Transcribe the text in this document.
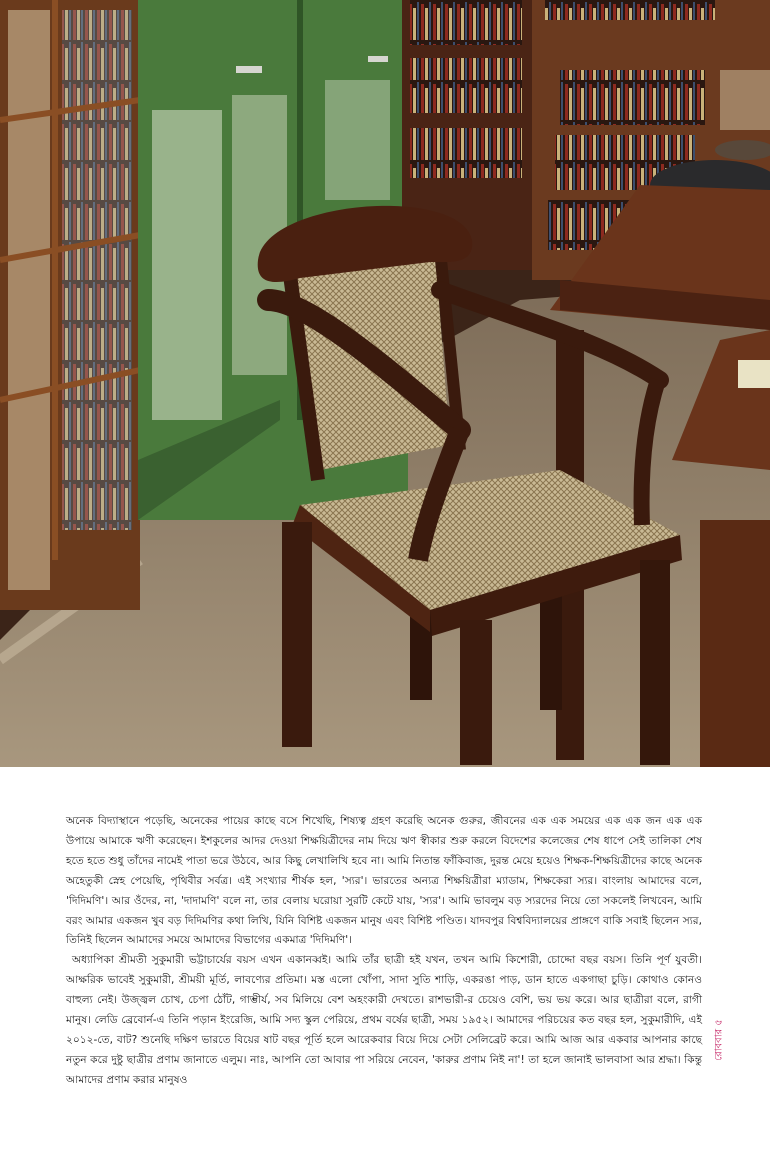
অনেক বিদ্যাস্থানে পড়েছি, অনেকের পায়ের কাছে বসে শিখেছি, শিষ্যত্ব গ্রহণ করেছি অনেক গুরুর, জীবনের এক এক সময়ের এক এক জন এক এক উপায়ে আমাকে ঋণী করেছেন। ইশকুলের আদর দেওয়া শিক্ষয়িত্রীদের নাম দিয়ে ঋণ স্বীকার শুরু করলে বিদেশের কলেজের শেষ ধাপে সেই তালিকা শেষ হতে হতে শুধু তাঁদের নামেই পাতা ভরে উঠবে, আর কিছু লেখালিখি হবে না। আমি নিতান্ত ফাঁকিবাজ, দুরন্ত মেয়ে হয়েও শিক্ষক-শিক্ষয়িত্রীদের কাছে অনেক অহেতুকী স্নেহ পেয়েছি, পৃথিবীর সর্বত্র। এই সংখ্যার শীর্ষক হল, 'স্যর'। ভারতের অন্যত্র শিক্ষয়িত্রীরা ম্যাডাম, শিক্ষকেরা স্যর। বাংলায় আমাদের বলে, 'দিদিমণি'। আর ওঁদের, না, 'দাদামণি' বলে না, তার বেলায় ঘরোয়া সুরটি কেটে যায়, 'স্যর'। আমি ভাবলুম বড় স্যরদের নিয়ে তো সকলেই লিখবেন, আমি বরং আমার একজন খুব বড় দিদিমণির কথা লিখি, যিনি বিশিষ্ট একজন মানুষ এবং বিশিষ্ট পণ্ডিত। যাদবপুর বিশ্ববিদ্যালয়ের প্রাঙ্গণে বাকি সবাই ছিলেন স্যর, তিনিই ছিলেন আমাদের সময়ে আমাদের বিভাগের একমাত্র 'দিদিমণি'।

অধ্যাপিকা শ্রীমতী সুকুমারী ভট্টাচার্যের বয়স এখন একানব্বই। আমি তাঁর ছাত্রী হই যখন, তখন আমি কিশোরী, চোদ্দো বছর বয়স। তিনি পূর্ণ যুবতী। আক্ষরিক ভাবেই সুকুমারী, শ্রীময়ী মূর্তি, লাবণ্যের প্রতিমা। মস্ত এলো খোঁপা, সাদা সুতি শাড়ি, একরঙা পাড়, ডান হাতে একগাছা চুড়ি। কোথাও কোনও বাহুল্য নেই। উজ্জ্বল চোখ, চেপা ঠোঁট, গাম্ভীর্য, সব মিলিয়ে বেশ অহংকারী দেখতে। রাশভারী-র চেয়েও বেশি, ভয় ভয় করে। আর ছাত্রীরা বলে, রাগী মানুষ। লেডি ব্রেবোর্ন-এ তিনি পড়ান ইংরেজি, আমি সদ্য স্কুল পেরিয়ে, প্রথম বর্ষের ছাত্রী, সময় ১৯৫২। আমাদের পরিচয়ের কত বছর হল, সুকুমারীদি, এই ২০১২-তে, বাট? শুনেছি দক্ষিণ ভারতে বিয়ের ষাট বছর পূর্তি হলে আরেকবার বিয়ে দিয়ে সেটা সেলিব্রেট করে। আমি আজ আর একবার আপনার কাছে নতুন করে দুষ্টু ছাত্রীর প্রণাম জানাতে এলুম। নাঃ, আপনি তো আবার পা সরিয়ে নেবেন, 'কারুর প্রণাম নিই না'! তা হলে জানাই ভালবাসা আর শ্রদ্ধা। কিন্তু আমাদের প্রণাম করার মানুষও

রোববার ৫
